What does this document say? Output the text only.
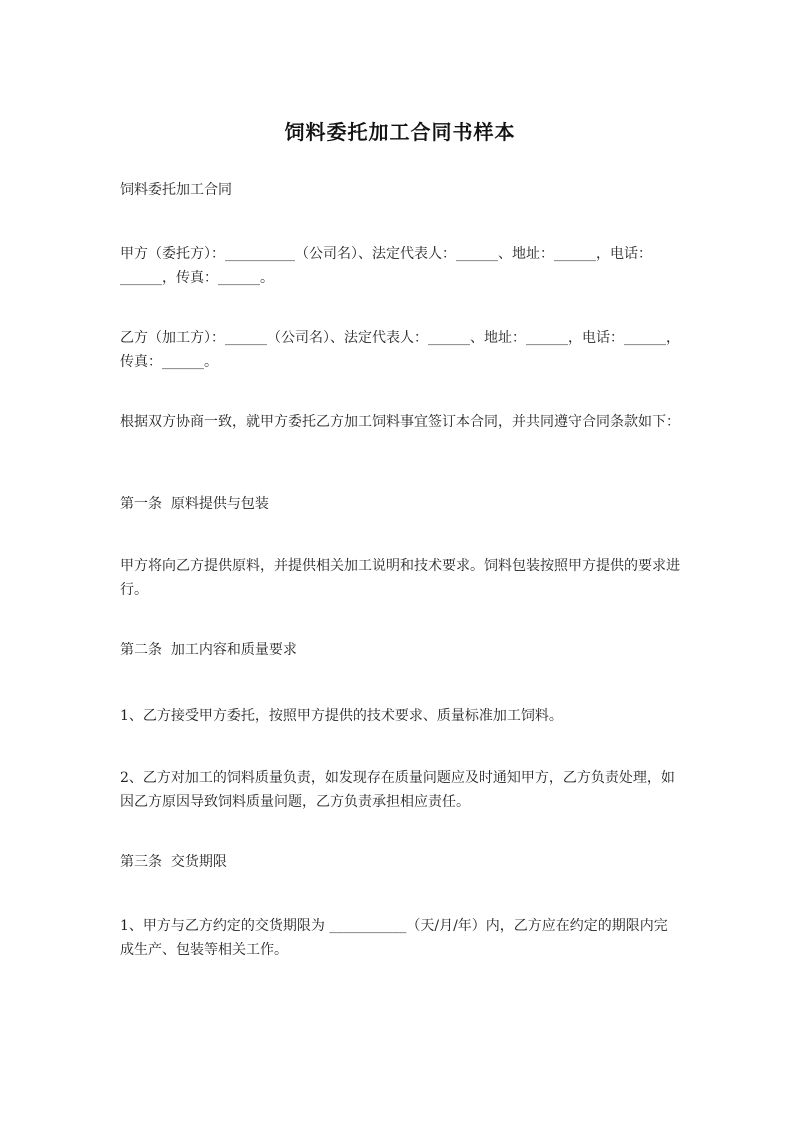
饲料委托加工合同书样本
饲料委托加工合同
甲方（委托方）：__________（公司名）、法定代表人：______、地址：______，电话：______，传真：______。
乙方（加工方）：______（公司名）、法定代表人：______、地址：______，电话：______，传真：______。
根据双方协商一致，就甲方委托乙方加工饲料事宜签订本合同，并共同遵守合同条款如下：
第一条  原料提供与包装
甲方将向乙方提供原料，并提供相关加工说明和技术要求。饲料包装按照甲方提供的要求进行。
第二条  加工内容和质量要求
1、乙方接受甲方委托，按照甲方提供的技术要求、质量标准加工饲料。
2、乙方对加工的饲料质量负责，如发现存在质量问题应及时通知甲方，乙方负责处理，如因乙方原因导致饲料质量问题，乙方负责承担相应责任。
第三条  交货期限
1、甲方与乙方约定的交货期限为 ___________（天/月/年）内，乙方应在约定的期限内完成生产、包装等相关工作。
